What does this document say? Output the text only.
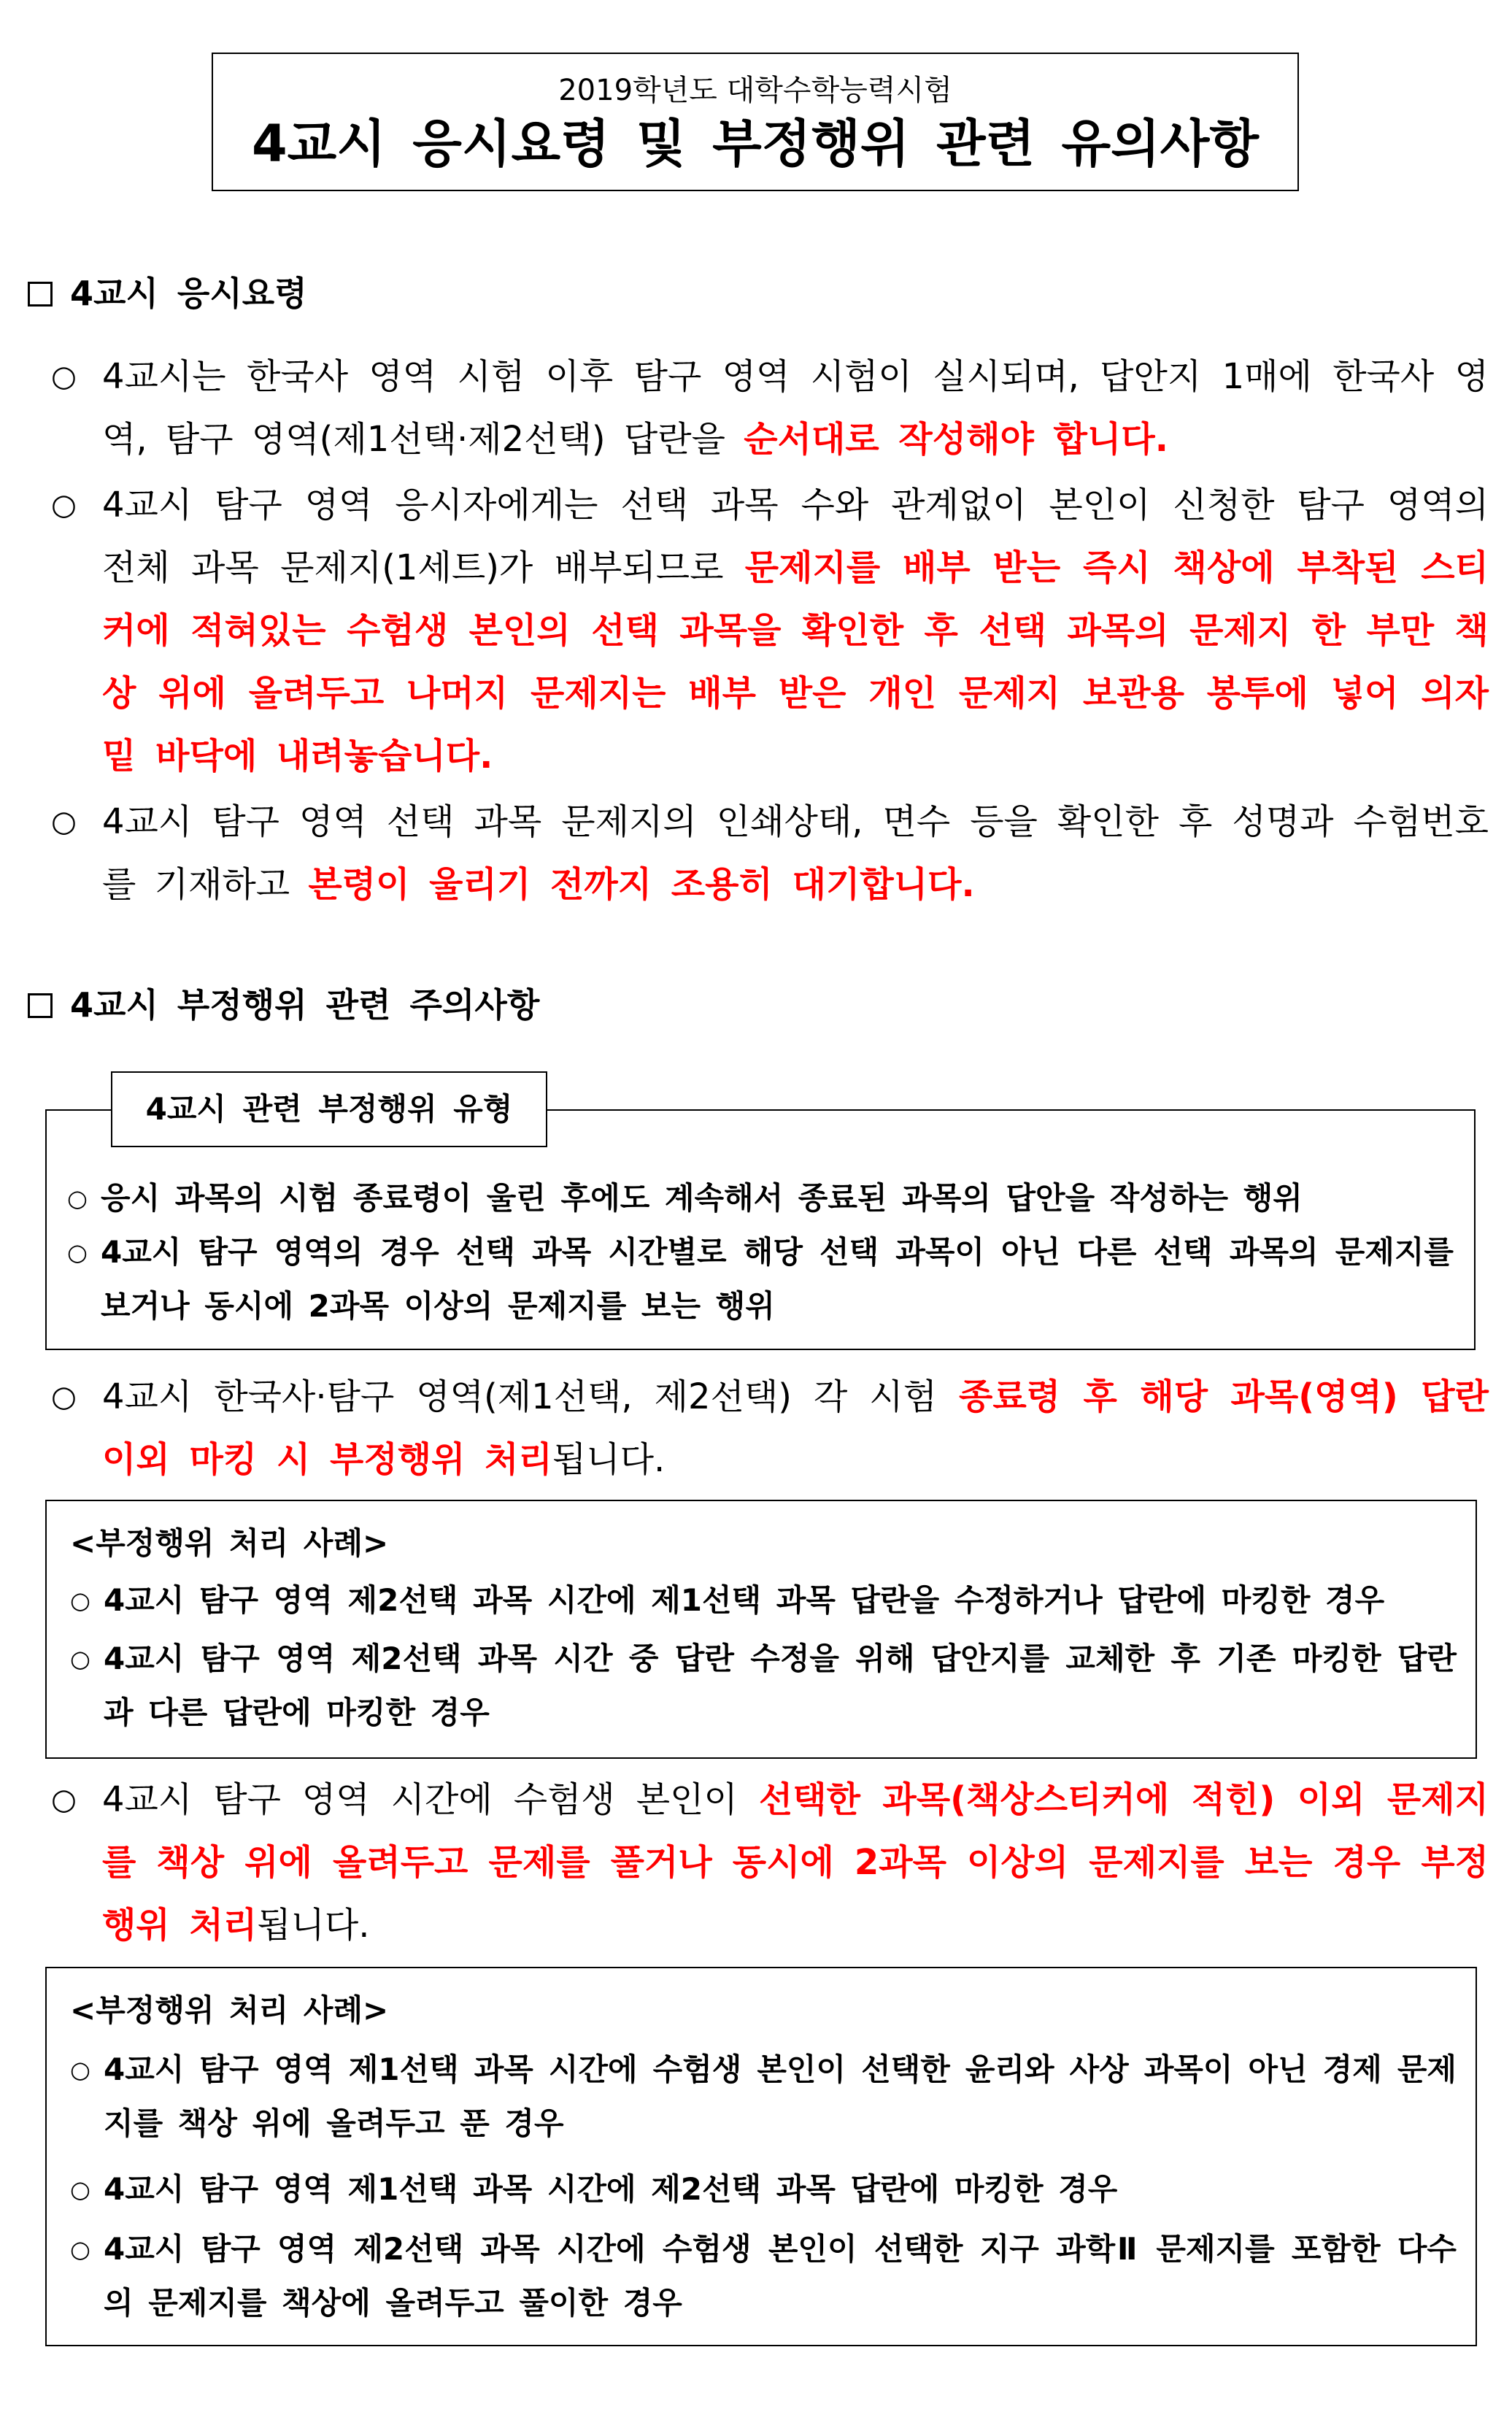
2019학년도 대학수학능력시험
4교시 응시요령 및 부정행위 관련 유의사항
4교시 응시요령
○ 4교시는 한국사 영역 시험 이후 탐구 영역 시험이 실시되며, 답안지 1매에 한국사 영역, 탐구 영역(제1선택·제2선택) 답란을 순서대로 작성해야 합니다.
○ 4교시 탐구 영역 응시자에게는 선택 과목 수와 관계없이 본인이 신청한 탐구 영역의 전체 과목 문제지(1세트)가 배부되므로 문제지를 배부 받는 즉시 책상에 부착된 스티커에 적혀있는 수험생 본인의 선택 과목을 확인한 후 선택 과목의 문제지 한 부만 책상 위에 올려두고 나머지 문제지는 배부 받은 개인 문제지 보관용 봉투에 넣어 의자 밑 바닥에 내려놓습니다.
○ 4교시 탐구 영역 선택 과목 문제지의 인쇄상태, 면수 등을 확인한 후 성명과 수험번호를 기재하고 본령이 울리기 전까지 조용히 대기합니다.
4교시 부정행위 관련 주의사항
4교시 관련 부정행위 유형
○ 응시 과목의 시험 종료령이 울린 후에도 계속해서 종료된 과목의 답안을 작성하는 행위
○ 4교시 탐구 영역의 경우 선택 과목 시간별로 해당 선택 과목이 아닌 다른 선택 과목의 문제지를 보거나 동시에 2과목 이상의 문제지를 보는 행위
○ 4교시 한국사·탐구 영역(제1선택, 제2선택) 각 시험 종료령 후 해당 과목(영역) 답란 이외 마킹 시 부정행위 처리됩니다.
<부정행위 처리 사례>
○ 4교시 탐구 영역 제2선택 과목 시간에 제1선택 과목 답란을 수정하거나 답란에 마킹한 경우
○ 4교시 탐구 영역 제2선택 과목 시간 중 답란 수정을 위해 답안지를 교체한 후 기존 마킹한 답란과 다른 답란에 마킹한 경우
○ 4교시 탐구 영역 시간에 수험생 본인이 선택한 과목(책상스티커에 적힌) 이외 문제지를 책상 위에 올려두고 문제를 풀거나 동시에 2과목 이상의 문제지를 보는 경우 부정행위 처리됩니다.
<부정행위 처리 사례>
○ 4교시 탐구 영역 제1선택 과목 시간에 수험생 본인이 선택한 윤리와 사상 과목이 아닌 경제 문제지를 책상 위에 올려두고 푼 경우
○ 4교시 탐구 영역 제1선택 과목 시간에 제2선택 과목 답란에 마킹한 경우
○ 4교시 탐구 영역 제2선택 과목 시간에 수험생 본인이 선택한 지구 과학Ⅱ 문제지를 포함한 다수의 문제지를 책상에 올려두고 풀이한 경우
